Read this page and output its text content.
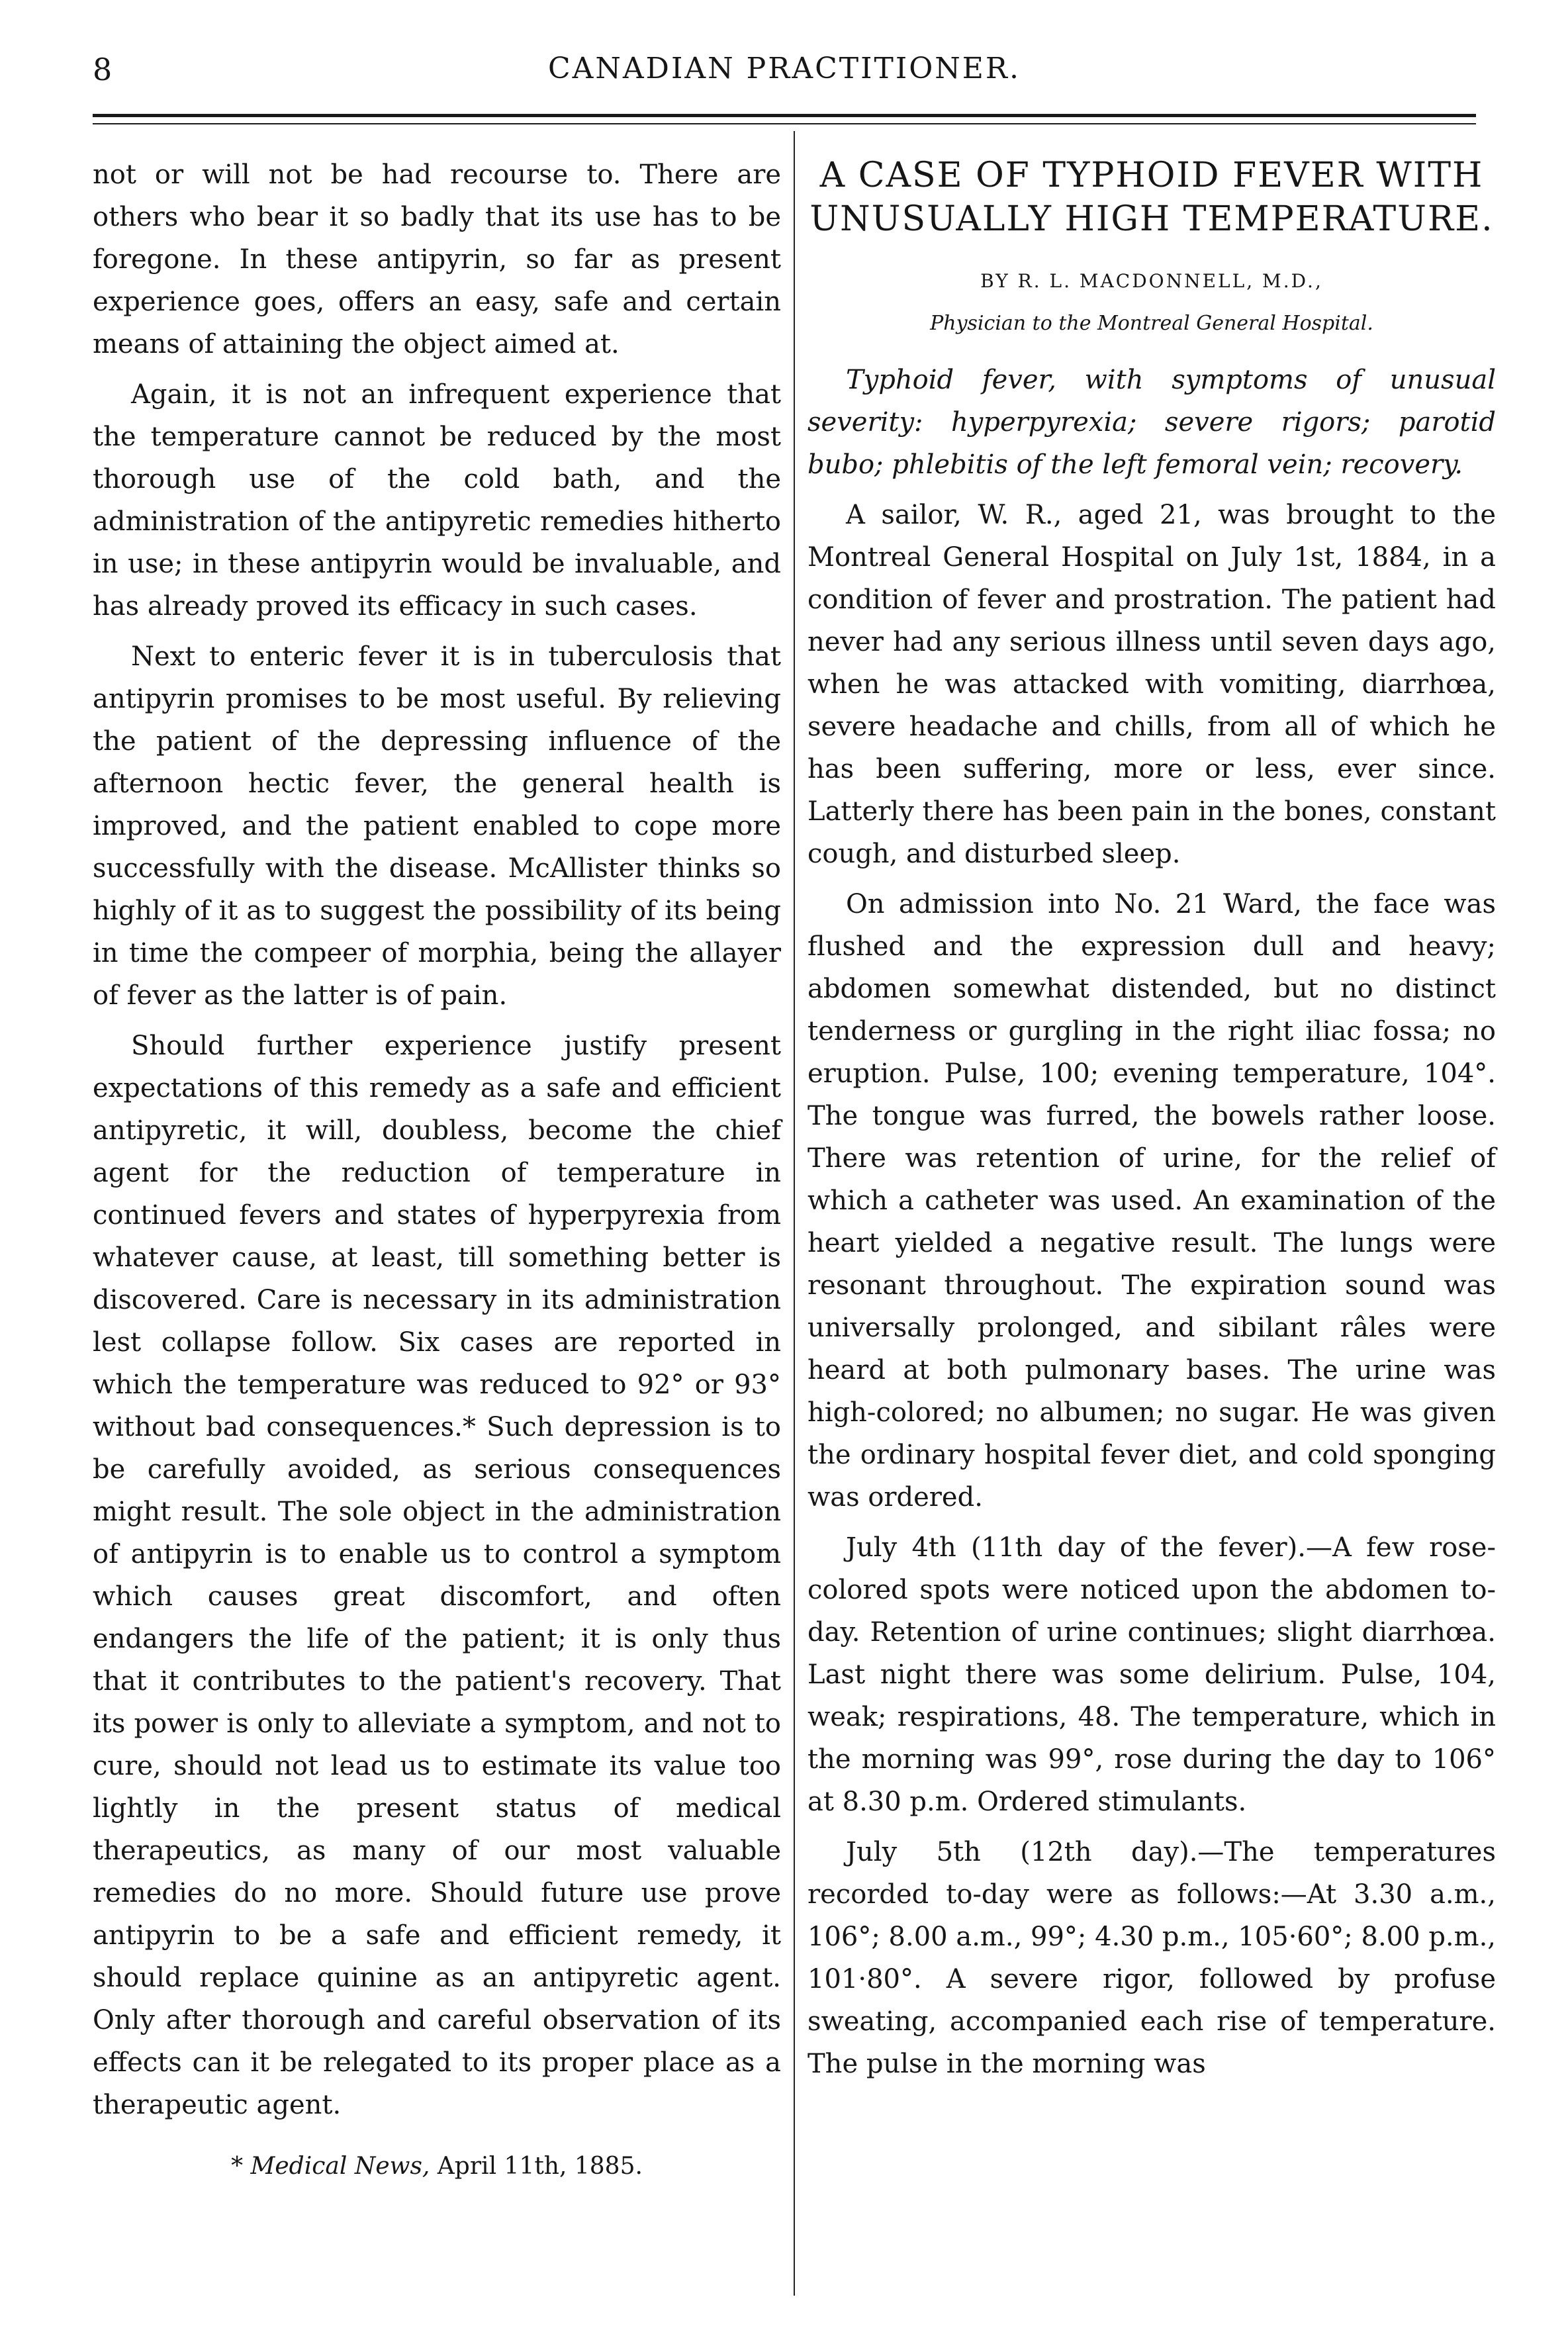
8	CANADIAN PRACTITIONER.

not or will not be had recourse to. There are others who bear it so badly that its use has to be foregone. In these antipyrin, so far as present experience goes, offers an easy, safe and certain means of attaining the object aimed at.

Again, it is not an infrequent experience that the temperature cannot be reduced by the most thorough use of the cold bath, and the administration of the antipyretic remedies hitherto in use; in these antipyrin would be invaluable, and has already proved its efficacy in such cases.

Next to enteric fever it is in tuberculosis that antipyrin promises to be most useful. By relieving the patient of the depressing influence of the afternoon hectic fever, the general health is improved, and the patient enabled to cope more successfully with the disease. McAllister thinks so highly of it as to suggest the possibility of its being in time the compeer of morphia, being the allayer of fever as the latter is of pain.

Should further experience justify present expectations of this remedy as a safe and efficient antipyretic, it will, doubless, become the chief agent for the reduction of temperature in continued fevers and states of hyperpyrexia from whatever cause, at least, till something better is discovered. Care is necessary in its administration lest collapse follow. Six cases are reported in which the temperature was reduced to 92° or 93° without bad consequences.* Such depression is to be carefully avoided, as serious consequences might result. The sole object in the administration of antipyrin is to enable us to control a symptom which causes great discomfort, and often endangers the life of the patient; it is only thus that it contributes to the patient's recovery. That its power is only to alleviate a symptom, and not to cure, should not lead us to estimate its value too lightly in the present status of medical therapeutics, as many of our most valuable remedies do no more. Should future use prove antipyrin to be a safe and efficient remedy, it should replace quinine as an antipyretic agent. Only after thorough and careful observation of its effects can it be relegated to its proper place as a therapeutic agent.

* Medical News, April 11th, 1885.
A CASE OF TYPHOID FEVER WITH UNUSUALLY HIGH TEMPERATURE.
BY R. L. MACDONNELL, M.D.,
Physician to the Montreal General Hospital.

Typhoid fever, with symptoms of unusual severity: hyperpyrexia; severe rigors; parotid bubo; phlebitis of the left femoral vein; recovery.

A sailor, W. R., aged 21, was brought to the Montreal General Hospital on July 1st, 1884, in a condition of fever and prostration. The patient had never had any serious illness until seven days ago, when he was attacked with vomiting, diarrhœa, severe headache and chills, from all of which he has been suffering, more or less, ever since. Latterly there has been pain in the bones, constant cough, and disturbed sleep.

On admission into No. 21 Ward, the face was flushed and the expression dull and heavy; abdomen somewhat distended, but no distinct tenderness or gurgling in the right iliac fossa; no eruption. Pulse, 100; evening temperature, 104°. The tongue was furred, the bowels rather loose. There was retention of urine, for the relief of which a catheter was used. An examination of the heart yielded a negative result. The lungs were resonant throughout. The expiration sound was universally prolonged, and sibilant râles were heard at both pulmonary bases. The urine was high-colored; no albumen; no sugar. He was given the ordinary hospital fever diet, and cold sponging was ordered.

July 4th (11th day of the fever).—A few rose-colored spots were noticed upon the abdomen to-day. Retention of urine continues; slight diarrhœa. Last night there was some delirium. Pulse, 104, weak; respirations, 48. The temperature, which in the morning was 99°, rose during the day to 106° at 8.30 p.m. Ordered stimulants.

July 5th (12th day).—The temperatures recorded to-day were as follows:—At 3.30 a.m., 106°; 8.00 a.m., 99°; 4.30 p.m., 105·60°; 8.00 p.m., 101·80°. A severe rigor, followed by profuse sweating, accompanied each rise of temperature. The pulse in the morning was
